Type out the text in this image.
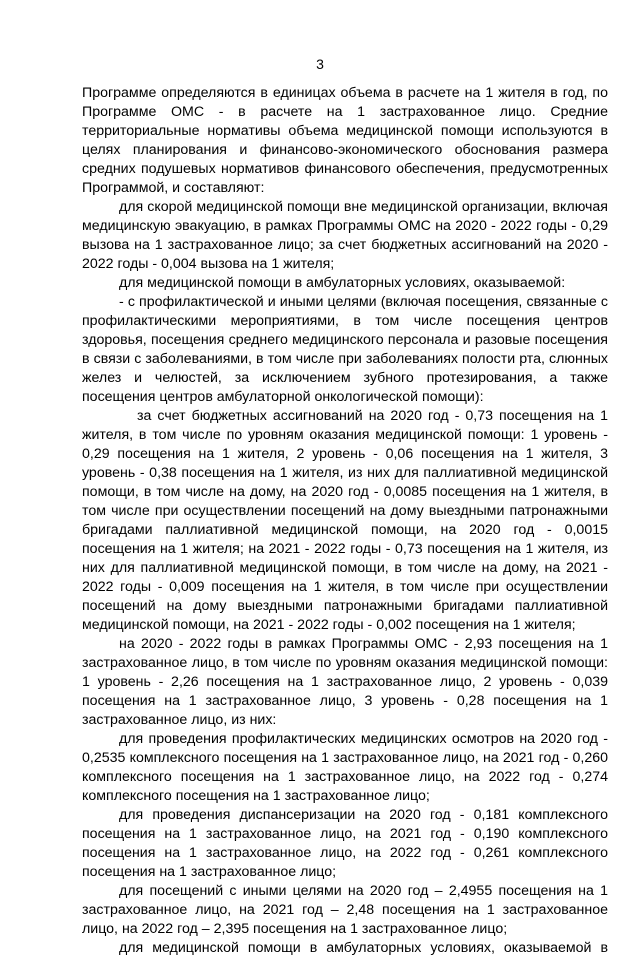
3

Программе определяются в единицах объема в расчете на 1 жителя в год, по Программе ОМС - в расчете на 1 застрахованное лицо. Средние территориальные нормативы объема медицинской помощи используются в целях планирования и финансово-экономического обоснования размера средних подушевых нормативов финансового обеспечения, предусмотренных Программой, и составляют:

для скорой медицинской помощи вне медицинской организации, включая медицинскую эвакуацию, в рамках Программы ОМС на 2020 - 2022 годы - 0,29 вызова на 1 застрахованное лицо; за счет бюджетных ассигнований на 2020 - 2022 годы - 0,004 вызова на 1 жителя;

для медицинской помощи в амбулаторных условиях, оказываемой:

- с профилактической и иными целями (включая посещения, связанные с профилактическими мероприятиями, в том числе посещения центров здоровья, посещения среднего медицинского персонала и разовые посещения в связи с заболеваниями, в том числе при заболеваниях полости рта, слюнных желез и челюстей, за исключением зубного протезирования, а также посещения центров амбулаторной онкологической помощи):

за счет бюджетных ассигнований на 2020 год - 0,73 посещения на 1 жителя, в том числе по уровням оказания медицинской помощи: 1 уровень - 0,29 посещения на 1 жителя, 2 уровень - 0,06 посещения на 1 жителя, 3 уровень - 0,38 посещения на 1 жителя, из них для паллиативной медицинской помощи, в том числе на дому, на 2020 год - 0,0085 посещения на 1 жителя, в том числе при осуществлении посещений на дому выездными патронажными бригадами паллиативной медицинской помощи, на 2020 год - 0,0015 посещения на 1 жителя; на 2021 - 2022 годы - 0,73 посещения на 1 жителя, из них для паллиативной медицинской помощи, в том числе на дому, на 2021 - 2022 годы - 0,009 посещения на 1 жителя, в том числе при осуществлении посещений на дому выездными патронажными бригадами паллиативной медицинской помощи, на 2021 - 2022 годы - 0,002 посещения на 1 жителя;

на 2020 - 2022 годы в рамках Программы ОМС - 2,93 посещения на 1 застрахованное лицо, в том числе по уровням оказания медицинской помощи: 1 уровень - 2,26 посещения на 1 застрахованное лицо, 2 уровень - 0,039 посещения на 1 застрахованное лицо, 3 уровень - 0,28 посещения на 1 застрахованное лицо, из них:

для проведения профилактических медицинских осмотров на 2020 год - 0,2535 комплексного посещения на 1 застрахованное лицо, на 2021 год - 0,260 комплексного посещения на 1 застрахованное лицо, на 2022 год - 0,274 комплексного посещения на 1 застрахованное лицо;

для проведения диспансеризации на 2020 год - 0,181 комплексного посещения на 1 застрахованное лицо, на 2021 год - 0,190 комплексного посещения на 1 застрахованное лицо, на 2022 год - 0,261 комплексного посещения на 1 застрахованное лицо;

для посещений с иными целями на 2020 год – 2,4955 посещения на 1 застрахованное лицо, на 2021 год – 2,48 посещения на 1 застрахованное лицо, на 2022 год – 2,395 посещения на 1 застрахованное лицо;

для медицинской помощи в амбулаторных условиях, оказываемой в
